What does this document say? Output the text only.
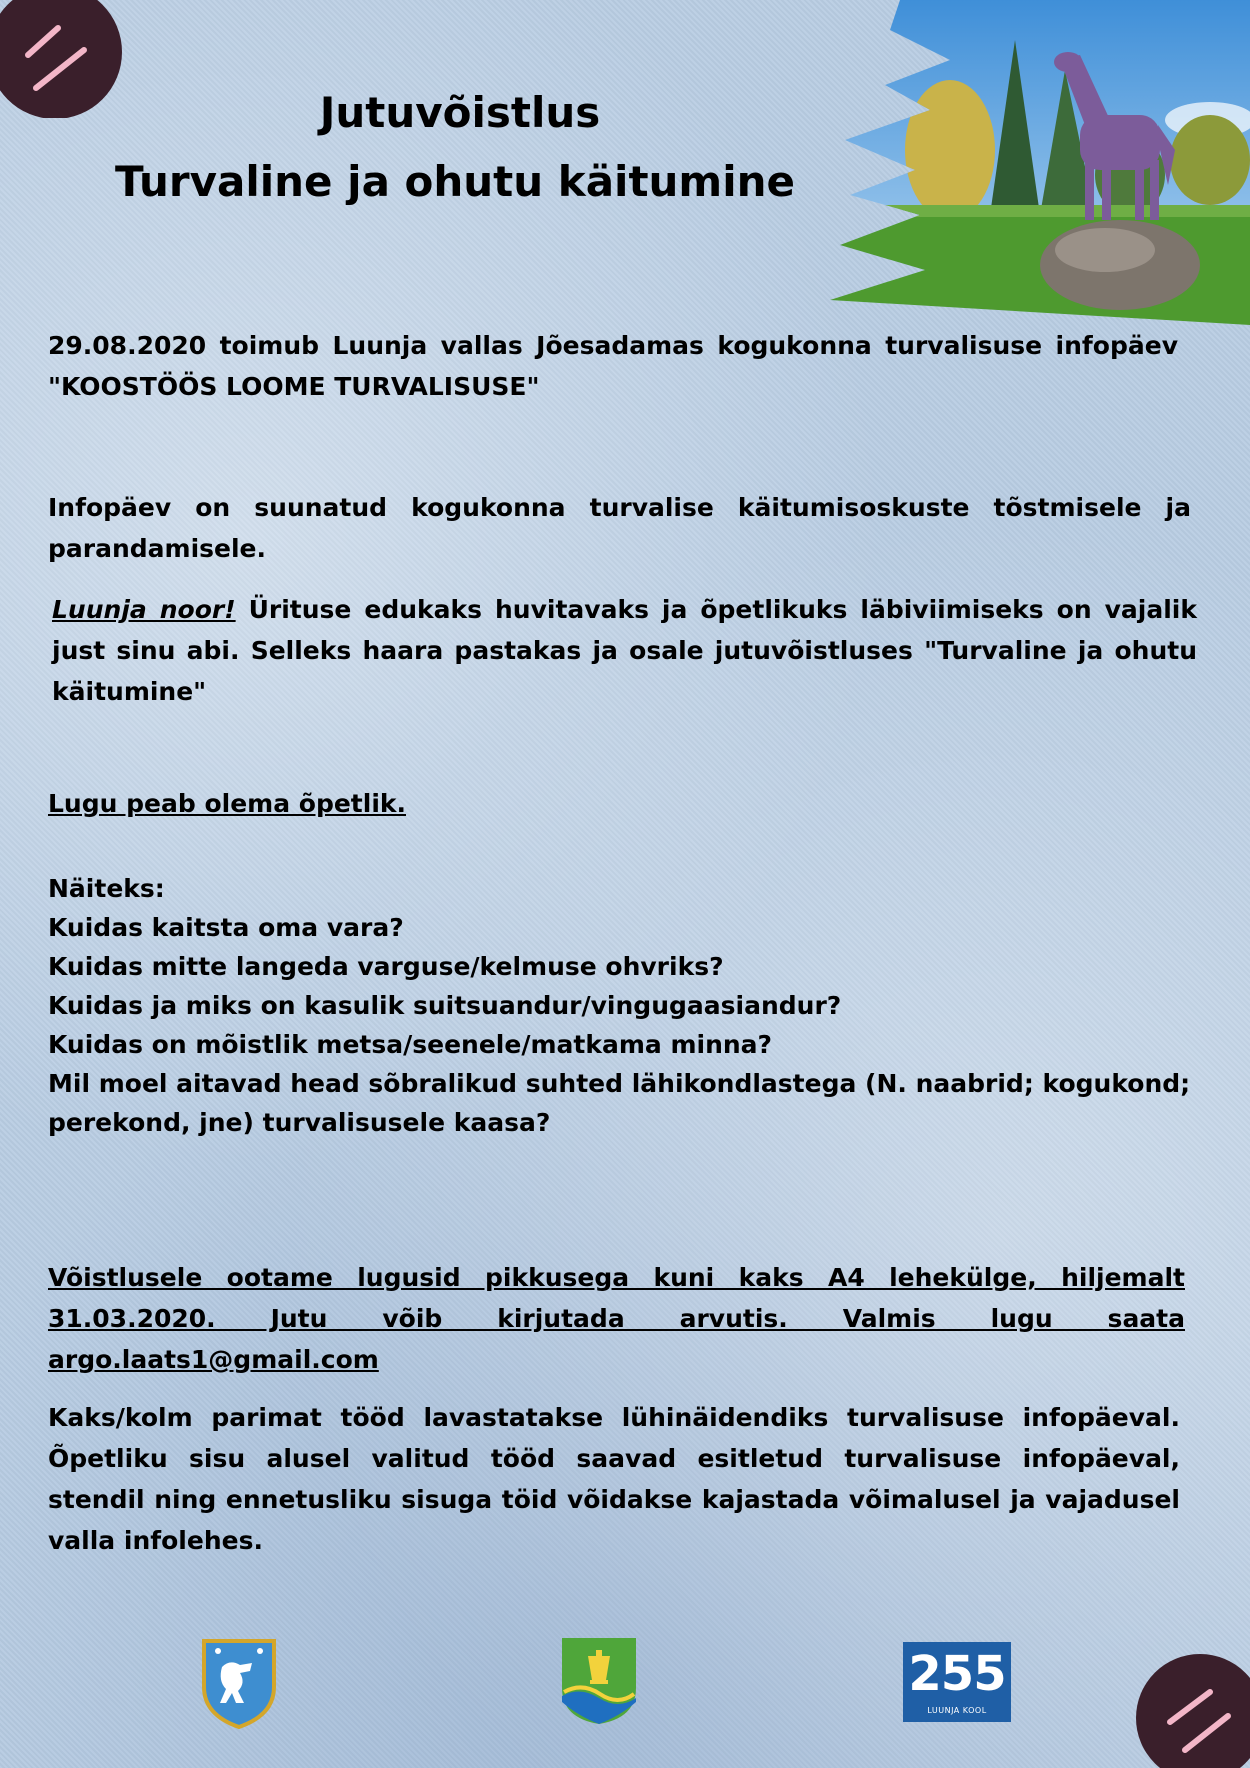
Jutuvõistlus
Turvaline ja ohutu käitumine

29.08.2020 toimub Luunja vallas Jõesadamas kogukonna turvalisuse infopäev "KOOSTÖÖS LOOME TURVALISUSE"

Infopäev on suunatud kogukonna turvalise käitumisoskuste tõstmisele ja parandamisele.

Luunja noor! Ürituse edukaks huvitavaks ja õpetlikuks läbiviimiseks on vajalik just sinu abi. Selleks haara pastakas ja osale jutuvõistluses "Turvaline ja ohutu käitumine"

Lugu peab olema õpetlik.

Näiteks:
Kuidas kaitsta oma vara?
Kuidas mitte langeda varguse/kelmuse ohvriks?
Kuidas ja miks on kasulik suitsuandur/vingugaasiandur?
Kuidas on mõistlik metsa/seenele/matkama minna?
Mil moel aitavad head sõbralikud suhted lähikondlastega (N. naabrid; kogukond; perekond, jne) turvalisusele kaasa?

Võistlusele ootame lugusid pikkusega kuni kaks A4 lehekülge, hiljemalt 31.03.2020. Jutu võib kirjutada arvutis. Valmis lugu saata argo.laats1@gmail.com

Kaks/kolm parimat tööd lavastatakse lühinäidendiks turvalisuse infopäeval. Õpetliku sisu alusel valitud tööd saavad esitletud turvalisuse infopäeval, stendil ning ennetusliku sisuga töid võidakse kajastada võimalusel ja vajadusel valla infolehes.

255
LUUNJA KOOL
